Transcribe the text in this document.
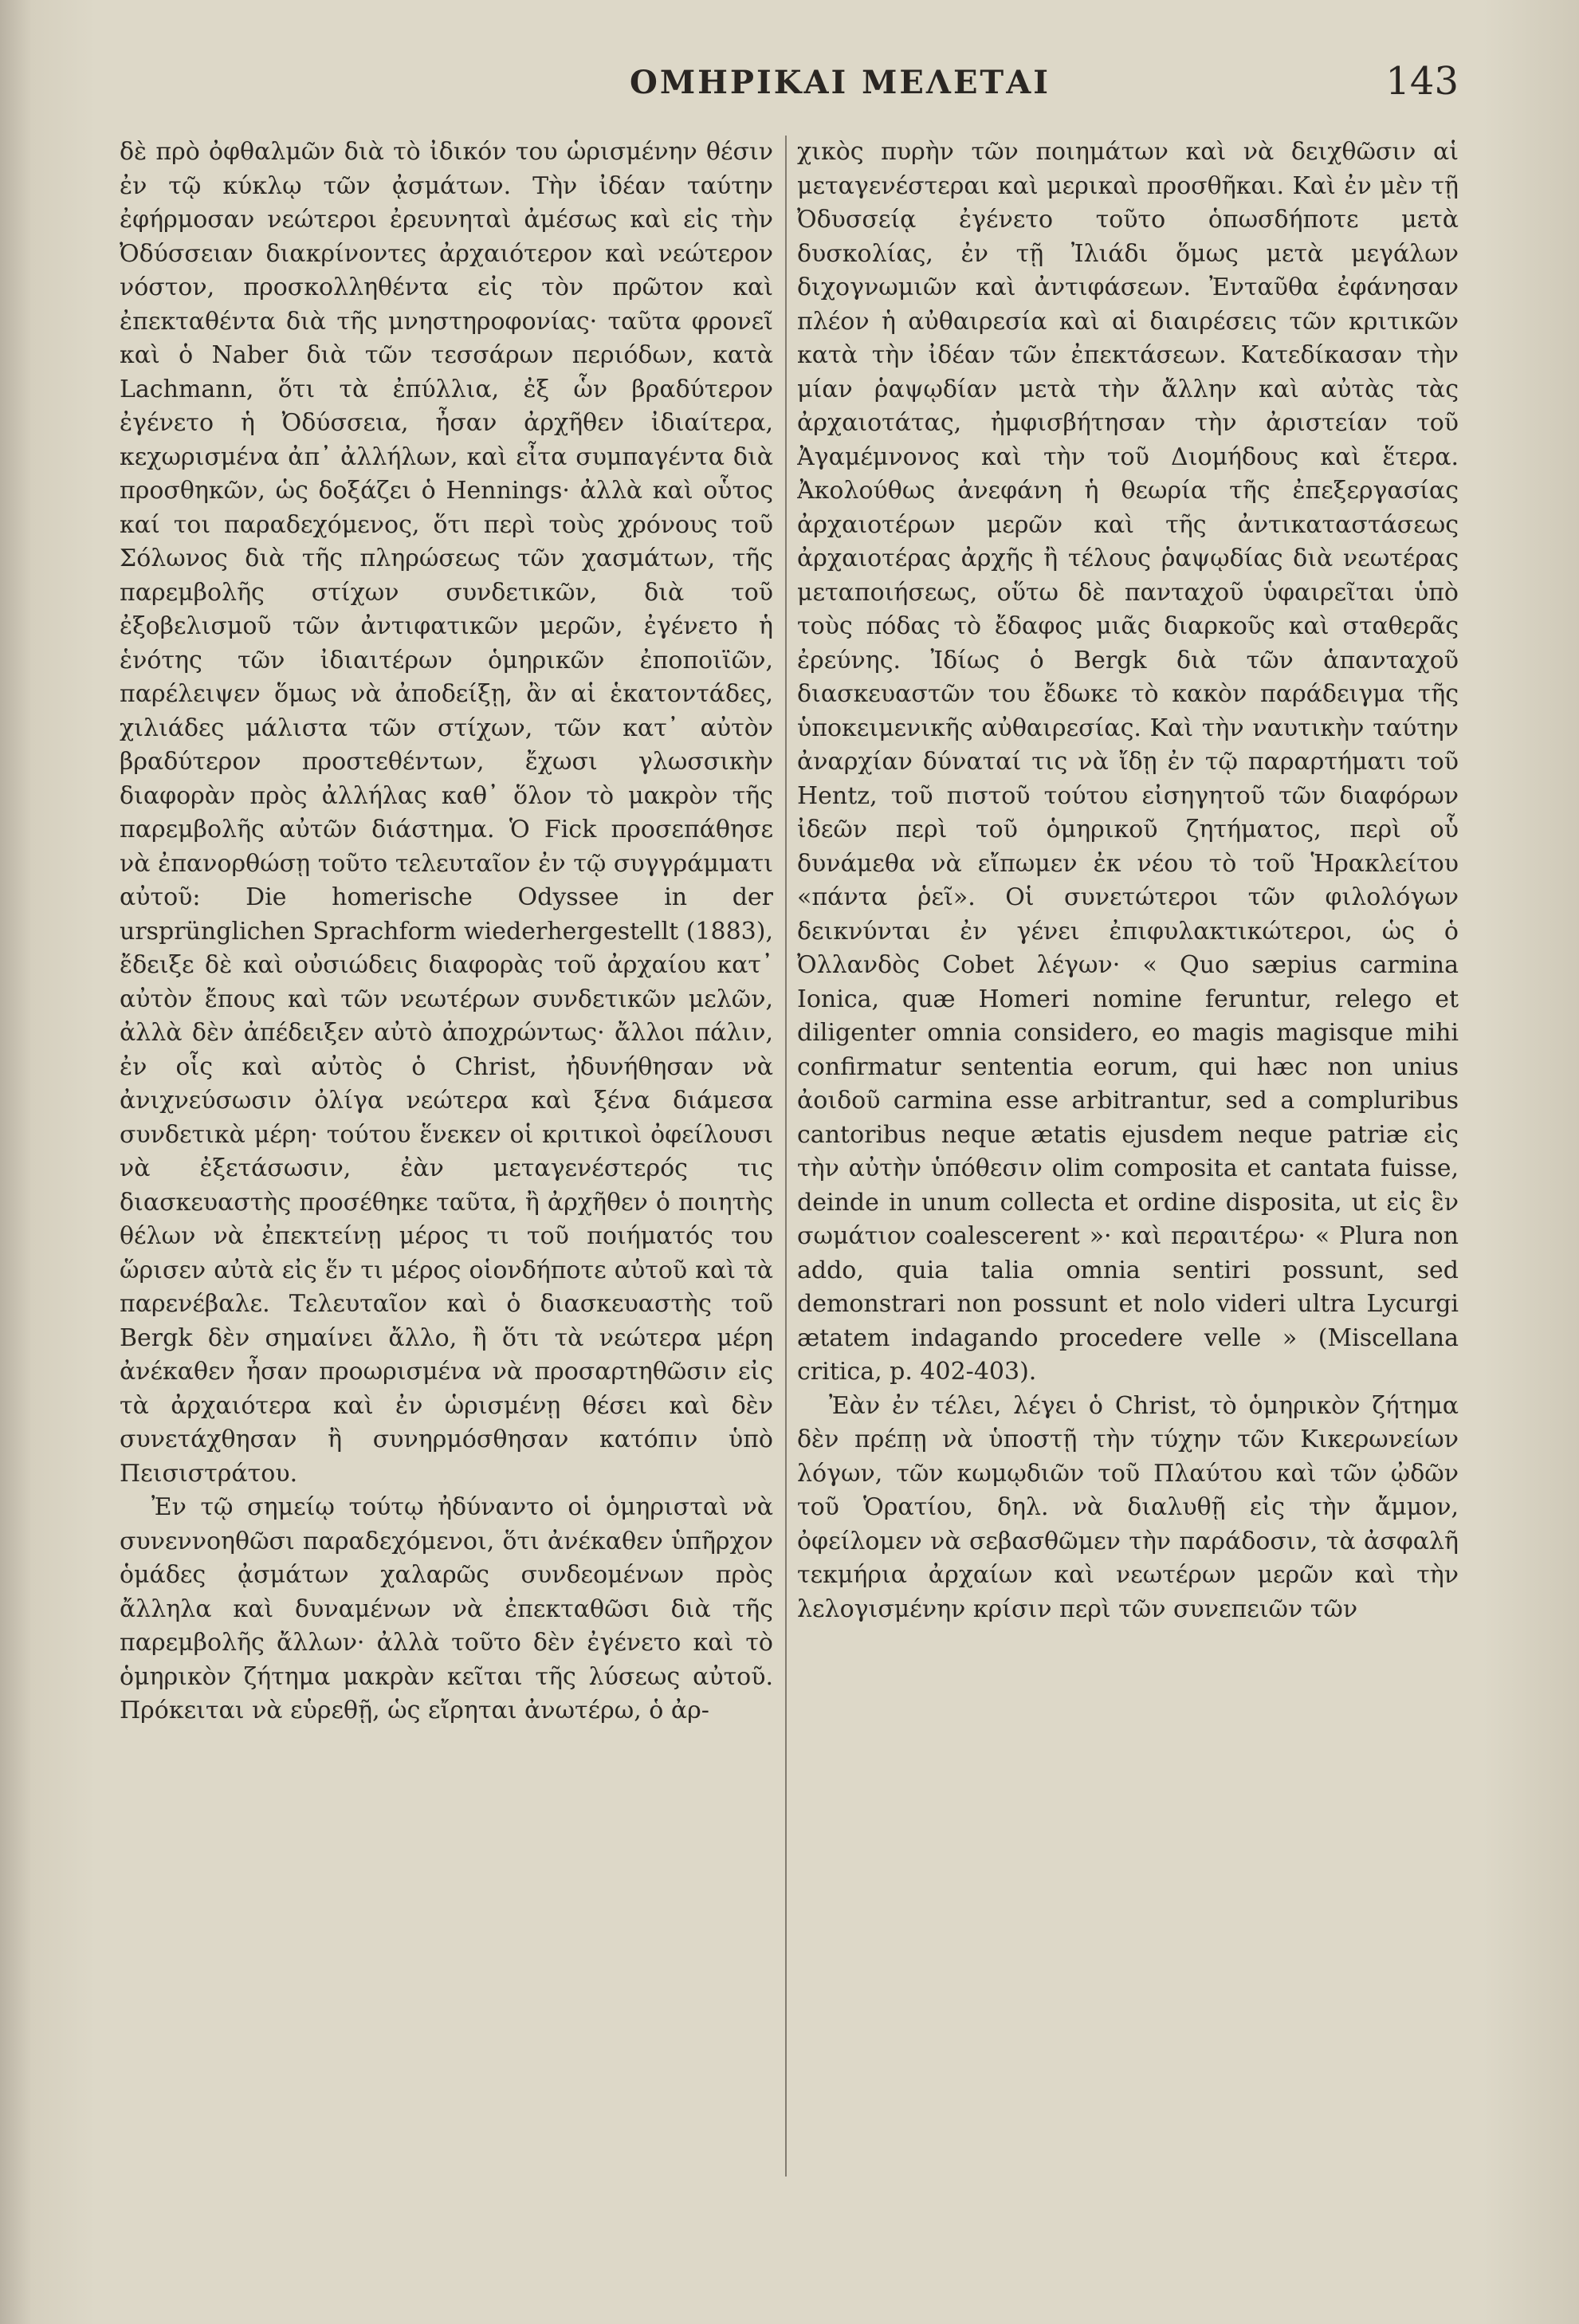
ΟΜΗΡΙΚΑΙ ΜΕΛΕΤΑΙ	143

δὲ πρὸ ὀφθαλμῶν διὰ τὸ ἰδικόν του ὡρισμένην θέσιν ἐν τῷ κύκλῳ τῶν ᾀσμάτων. Τὴν ἰδέαν ταύτην ἐφήρμοσαν νεώτεροι ἐρευνηταὶ ἀμέσως καὶ εἰς τὴν Ὀδύσσειαν διακρίνοντες ἀρχαιότερον καὶ νεώτερον νόστον, προσκολληθέντα εἰς τὸν πρῶτον καὶ ἐπεκταθέντα διὰ τῆς μνηστηροφονίας· ταῦτα φρονεῖ καὶ ὁ Naber διὰ τῶν τεσσάρων περιόδων, κατὰ Lachmann, ὅτι τὰ ἐπύλλια, ἐξ ὧν βραδύτερον ἐγένετο ἡ Ὀδύσσεια, ἦσαν ἀρχῆθεν ἰδιαίτερα, κεχωρισμένα ἀπ᾽ ἀλλήλων, καὶ εἶτα συμπαγέντα διὰ προσθηκῶν, ὡς δοξάζει ὁ Hennings· ἀλλὰ καὶ οὗτος καί τοι παραδεχόμενος, ὅτι περὶ τοὺς χρόνους τοῦ Σόλωνος διὰ τῆς πληρώσεως τῶν χασμάτων, τῆς παρεμβολῆς στίχων συνδετικῶν, διὰ τοῦ ἐξοβελισμοῦ τῶν ἀντιφατικῶν μερῶν, ἐγένετο ἡ ἑνότης τῶν ἰδιαιτέρων ὁμηρικῶν ἐποποιϊῶν, παρέλειψεν ὅμως νὰ ἀποδείξῃ, ἂν αἱ ἑκατοντάδες, χιλιάδες μάλιστα τῶν στίχων, τῶν κατ᾽ αὐτὸν βραδύτερον προστεθέντων, ἔχωσι γλωσσικὴν διαφορὰν πρὸς ἀλλήλας καθ᾽ ὅλον τὸ μακρὸν τῆς παρεμβολῆς αὐτῶν διάστημα. Ὁ Fick προσεπάθησε νὰ ἐπανορθώσῃ τοῦτο τελευταῖον ἐν τῷ συγγράμματι αὐτοῦ: Die homerische Odyssee in der ursprünglichen Sprachform wiederhergestellt (1883), ἔδειξε δὲ καὶ οὐσιώδεις διαφορὰς τοῦ ἀρχαίου κατ᾽ αὐτὸν ἔπους καὶ τῶν νεωτέρων συνδετικῶν μελῶν, ἀλλὰ δὲν ἀπέδειξεν αὐτὸ ἀποχρώντως· ἄλλοι πάλιν, ἐν οἷς καὶ αὐτὸς ὁ Christ, ἠδυνήθησαν νὰ ἀνιχνεύσωσιν ὀλίγα νεώτερα καὶ ξένα διάμεσα συνδετικὰ μέρη· τούτου ἕνεκεν οἱ κριτικοὶ ὀφείλουσι νὰ ἐξετάσωσιν, ἐὰν μεταγενέστερός τις διασκευαστὴς προσέθηκε ταῦτα, ἢ ἀρχῆθεν ὁ ποιητὴς θέλων νὰ ἐπεκτείνῃ μέρος τι τοῦ ποιήματός του ὥρισεν αὐτὰ εἰς ἕν τι μέρος οἱονδήποτε αὐτοῦ καὶ τὰ παρενέβαλε. Τελευταῖον καὶ ὁ διασκευαστὴς τοῦ Bergk δὲν σημαίνει ἄλλο, ἢ ὅτι τὰ νεώτερα μέρη ἀνέκαθεν ἦσαν προωρισμένα νὰ προσαρτηθῶσιν εἰς τὰ ἀρχαιότερα καὶ ἐν ὡρισμένῃ θέσει καὶ δὲν συνετάχθησαν ἢ συνηρμόσθησαν κατόπιν ὑπὸ Πεισιστράτου.

Ἐν τῷ σημείῳ τούτῳ ἠδύναντο οἱ ὁμηρισταὶ νὰ συνεννοηθῶσι παραδεχόμενοι, ὅτι ἀνέκαθεν ὑπῆρχον ὁμάδες ᾀσμάτων χαλαρῶς συνδεομένων πρὸς ἄλληλα καὶ δυναμένων νὰ ἐπεκταθῶσι διὰ τῆς παρεμβολῆς ἄλλων· ἀλλὰ τοῦτο δὲν ἐγένετο καὶ τὸ ὁμηρικὸν ζήτημα μακρὰν κεῖται τῆς λύσεως αὐτοῦ. Πρόκειται νὰ εὑρεθῇ, ὡς εἴρηται ἀνωτέρω, ὁ ἀρ-

χικὸς πυρὴν τῶν ποιημάτων καὶ νὰ δειχθῶσιν αἱ μεταγενέστεραι καὶ μερικαὶ προσθῆκαι. Καὶ ἐν μὲν τῇ Ὀδυσσείᾳ ἐγένετο τοῦτο ὁπωσδήποτε μετὰ δυσκολίας, ἐν τῇ Ἰλιάδι ὅμως μετὰ μεγάλων διχογνωμιῶν καὶ ἀντιφάσεων. Ἐνταῦθα ἐφάνησαν πλέον ἡ αὐθαιρεσία καὶ αἱ διαιρέσεις τῶν κριτικῶν κατὰ τὴν ἰδέαν τῶν ἐπεκτάσεων. Κατεδίκασαν τὴν μίαν ῥαψῳδίαν μετὰ τὴν ἄλλην καὶ αὐτὰς τὰς ἀρχαιοτάτας, ἠμφισβήτησαν τὴν ἀριστείαν τοῦ Ἀγαμέμνονος καὶ τὴν τοῦ Διομήδους καὶ ἕτερα. Ἀκολούθως ἀνεφάνη ἡ θεωρία τῆς ἐπεξεργασίας ἀρχαιοτέρων μερῶν καὶ τῆς ἀντικαταστάσεως ἀρχαιοτέρας ἀρχῆς ἢ τέλους ῥαψῳδίας διὰ νεωτέρας μεταποιήσεως, οὕτω δὲ πανταχοῦ ὑφαιρεῖται ὑπὸ τοὺς πόδας τὸ ἔδαφος μιᾶς διαρκοῦς καὶ σταθερᾶς ἐρεύνης. Ἰδίως ὁ Bergk διὰ τῶν ἁπανταχοῦ διασκευαστῶν του ἔδωκε τὸ κακὸν παράδειγμα τῆς ὑποκειμενικῆς αὐθαιρεσίας. Καὶ τὴν ναυτικὴν ταύτην ἀναρχίαν δύναταί τις νὰ ἴδῃ ἐν τῷ παραρτήματι τοῦ Hentz, τοῦ πιστοῦ τούτου εἰσηγητοῦ τῶν διαφόρων ἰδεῶν περὶ τοῦ ὁμηρικοῦ ζητήματος, περὶ οὗ δυνάμεθα νὰ εἴπωμεν ἐκ νέου τὸ τοῦ Ἡρακλείτου «πάντα ῥεῖ». Οἱ συνετώτεροι τῶν φιλολόγων δεικνύνται ἐν γένει ἐπιφυλακτικώτεροι, ὡς ὁ Ὀλλανδὸς Cobet λέγων· « Quo sæpius carmina Ionica, quæ Homeri nomine feruntur, relego et diligenter omnia considero, eo magis magisque mihi confirmatur sententia eorum, qui hæc non unius ἀοιδοῦ carmina esse arbitrantur, sed a compluribus cantoribus neque ætatis ejusdem neque patriæ εἰς τὴν αὐτὴν ὑπόθεσιν olim composita et cantata fuisse, deinde in unum collecta et ordine disposita, ut εἰς ἓν σωμάτιον coalescerent »· καὶ περαιτέρω· « Plura non addo, quia talia omnia sentiri possunt, sed demonstrari non possunt et nolo videri ultra Lycurgi ætatem indagando procedere velle » (Miscellana critica, p. 402-403).

Ἐὰν ἐν τέλει, λέγει ὁ Christ, τὸ ὁμηρικὸν ζήτημα δὲν πρέπῃ νὰ ὑποστῇ τὴν τύχην τῶν Κικερωνείων λόγων, τῶν κωμῳδιῶν τοῦ Πλαύτου καὶ τῶν ᾠδῶν τοῦ Ὁρατίου, δηλ. νὰ διαλυθῇ εἰς τὴν ἄμμον, ὀφείλομεν νὰ σεβασθῶμεν τὴν παράδοσιν, τὰ ἀσφαλῆ τεκμήρια ἀρχαίων καὶ νεωτέρων μερῶν καὶ τὴν λελογισμένην κρίσιν περὶ τῶν συνεπειῶν τῶν
